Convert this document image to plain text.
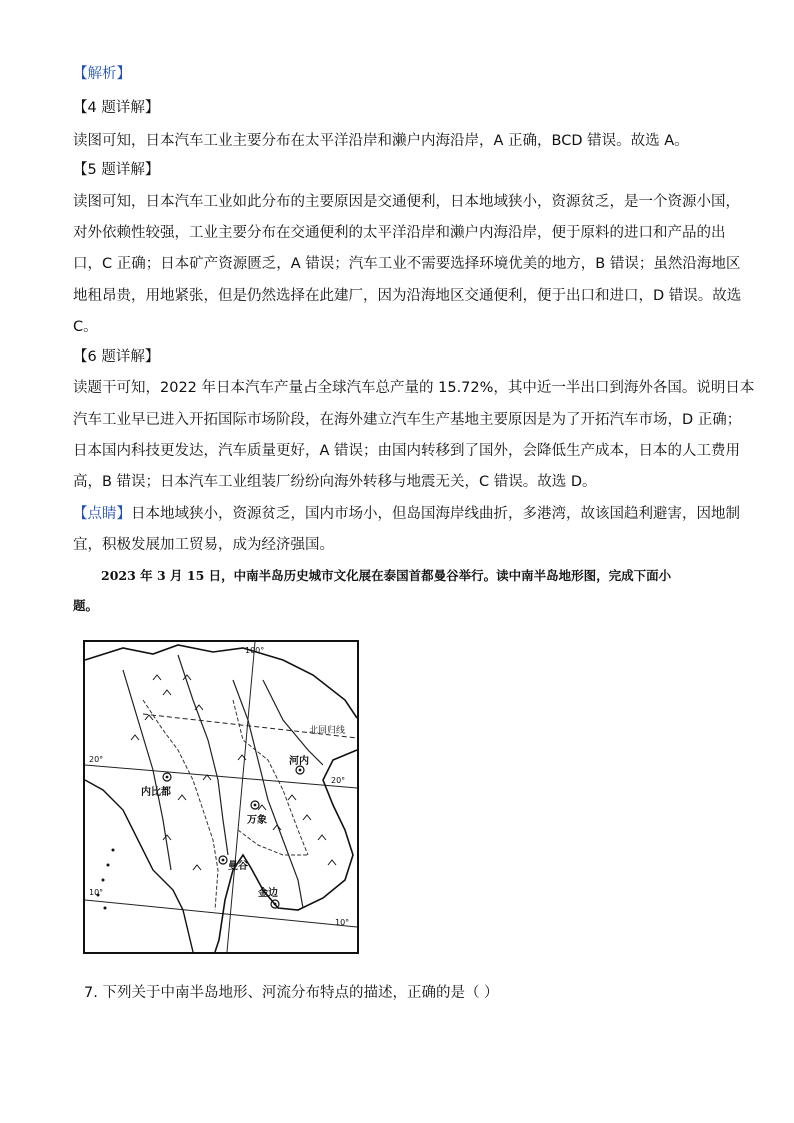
【解析】
【4 题详解】
读图可知，日本汽车工业主要分布在太平洋沿岸和濑户内海沿岸，A 正确，BCD 错误。故选 A。
【5 题详解】
读图可知，日本汽车工业如此分布的主要原因是交通便利，日本地域狭小，资源贫乏，是一个资源小国，
对外依赖性较强，工业主要分布在交通便利的太平洋沿岸和濑户内海沿岸，便于原料的进口和产品的出
口，C 正确；日本矿产资源匮乏，A 错误；汽车工业不需要选择环境优美的地方，B 错误；虽然沿海地区
地租昂贵，用地紧张，但是仍然选择在此建厂，因为沿海地区交通便利，便于出口和进口，D 错误。故选
C。
【6 题详解】
读题干可知，2022 年日本汽车产量占全球汽车总产量的 15.72%，其中近一半出口到海外各国。说明日本
汽车工业早已进入开拓国际市场阶段，在海外建立汽车生产基地主要原因是为了开拓汽车市场，D 正确；
日本国内科技更发达，汽车质量更好，A 错误；由国内转移到了国外，会降低生产成本，日本的人工费用
高，B 错误；日本汽车工业组装厂纷纷向海外转移与地震无关，C 错误。故选 D。
【点睛】日本地域狭小，资源贫乏，国内市场小，但岛国海岸线曲折，多港湾，故该国趋利避害，因地制
宜，积极发展加工贸易，成为经济强国。
2023 年 3 月 15 日，中南半岛历史城市文化展在泰国首都曼谷举行。读中南半岛地形图，完成下面小
题。
100°
北回归线
20°
20°
10°
10°
河内
内比都
万象
曼谷
金边
7. 下列关于中南半岛地形、河流分布特点的描述，正确的是（ ）
